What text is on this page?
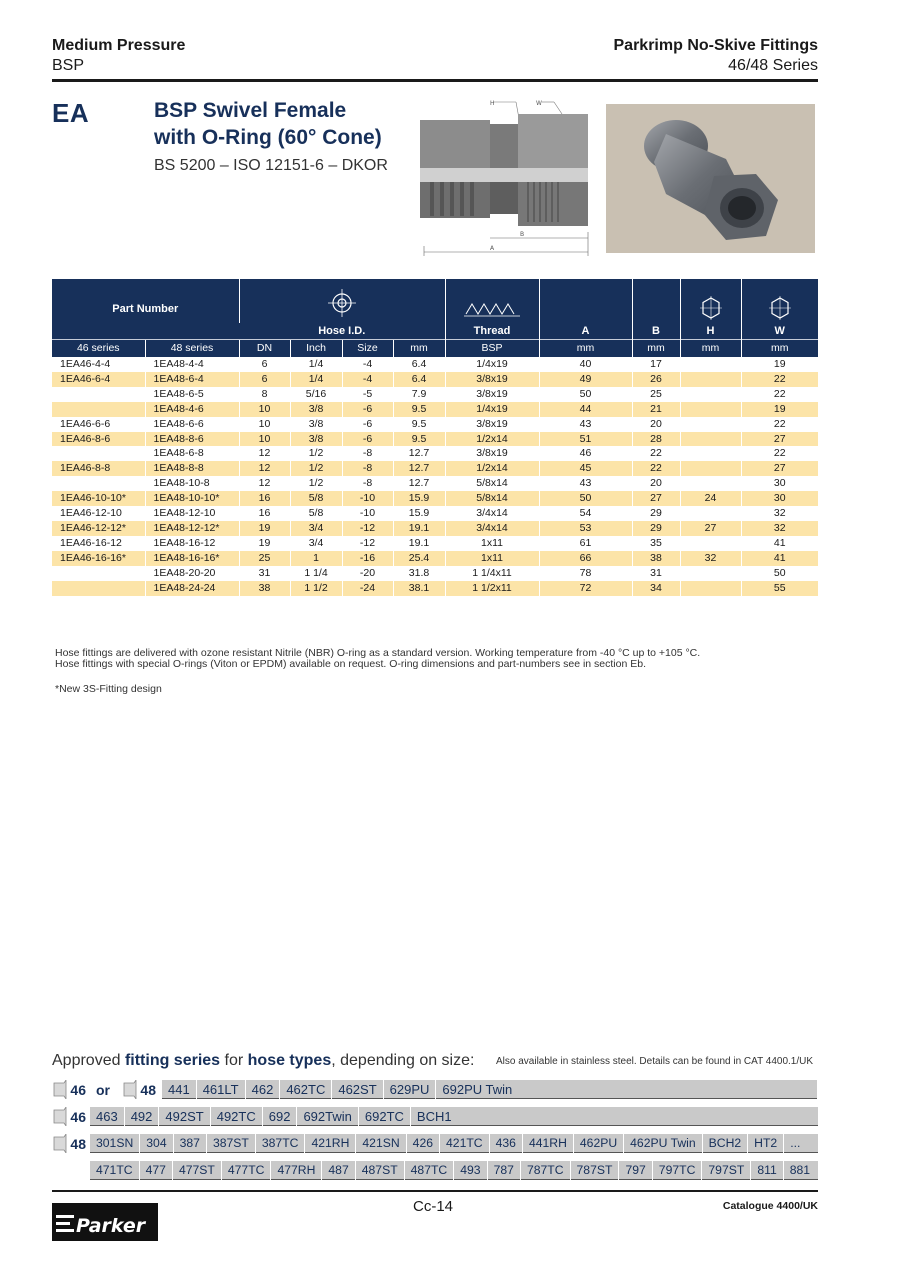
Medium Pressure
BSP
Parkrimp No-Skive Fittings
46/48 Series
EA	BSP Swivel Female
with O-Ring (60° Cone)
BS 5200 – ISO 12151-6 – DKOR
H	W
B
A
Part Number						
		Hose I.D.				Thread	A	B	H	W
46 series	48 series	DN	Inch	Size	mm	BSP	mm	mm	mm	mm
1EA46-4-4	1EA48-4-4	6	1/4	-4	6.4	1/4x19	40	17		19
1EA46-6-4	1EA48-6-4	6	1/4	-4	6.4	3/8x19	49	26		22
	1EA48-6-5	8	5/16	-5	7.9	3/8x19	50	25		22
	1EA48-4-6	10	3/8	-6	9.5	1/4x19	44	21		19
1EA46-6-6	1EA48-6-6	10	3/8	-6	9.5	3/8x19	43	20		22
1EA46-8-6	1EA48-8-6	10	3/8	-6	9.5	1/2x14	51	28		27
	1EA48-6-8	12	1/2	-8	12.7	3/8x19	46	22		22
1EA46-8-8	1EA48-8-8	12	1/2	-8	12.7	1/2x14	45	22		27
	1EA48-10-8	12	1/2	-8	12.7	5/8x14	43	20		30
1EA46-10-10*	1EA48-10-10*	16	5/8	-10	15.9	5/8x14	50	27	24	30
1EA46-12-10	1EA48-12-10	16	5/8	-10	15.9	3/4x14	54	29		32
1EA46-12-12*	1EA48-12-12*	19	3/4	-12	19.1	3/4x14	53	29	27	32
1EA46-16-12	1EA48-16-12	19	3/4	-12	19.1	1x11	61	35		41
1EA46-16-16*	1EA48-16-16*	25	1	-16	25.4	1x11	66	38	32	41
	1EA48-20-20	31	1 1/4	-20	31.8	1 1/4x11	78	31		50
	1EA48-24-24	38	1 1/2	-24	38.1	1 1/2x11	72	34		55
Hose fittings are delivered with ozone resistant Nitrile (NBR) O-ring as a standard version. Working temperature from -40 °C up to +105 °C.
Hose fittings with special O-rings (Viton or EPDM) available on request. O-ring dimensions and part-numbers see in section Eb.
*New 3S-Fitting design
Approved fitting series for hose types, depending on size: Also available in stainless steel. Details can be found in CAT 4400.1/UK
46 or	48 441	461LT	462	462TC	462ST	629PU	692PU Twin
46 463	492	492ST	492TC	692	692Twin	692TC	BCH1
48 301SN	304	387	387ST	387TC	421RH	421SN	426	421TC	436	441RH	462PU	462PU Twin	BCH2	HT2	...
471TC	477	477ST	477TC	477RH	487	487ST	487TC	493	787	787TC	787ST	797	797TC	797ST	811	881
Parker
Cc-14	Catalogue 4400/UK
